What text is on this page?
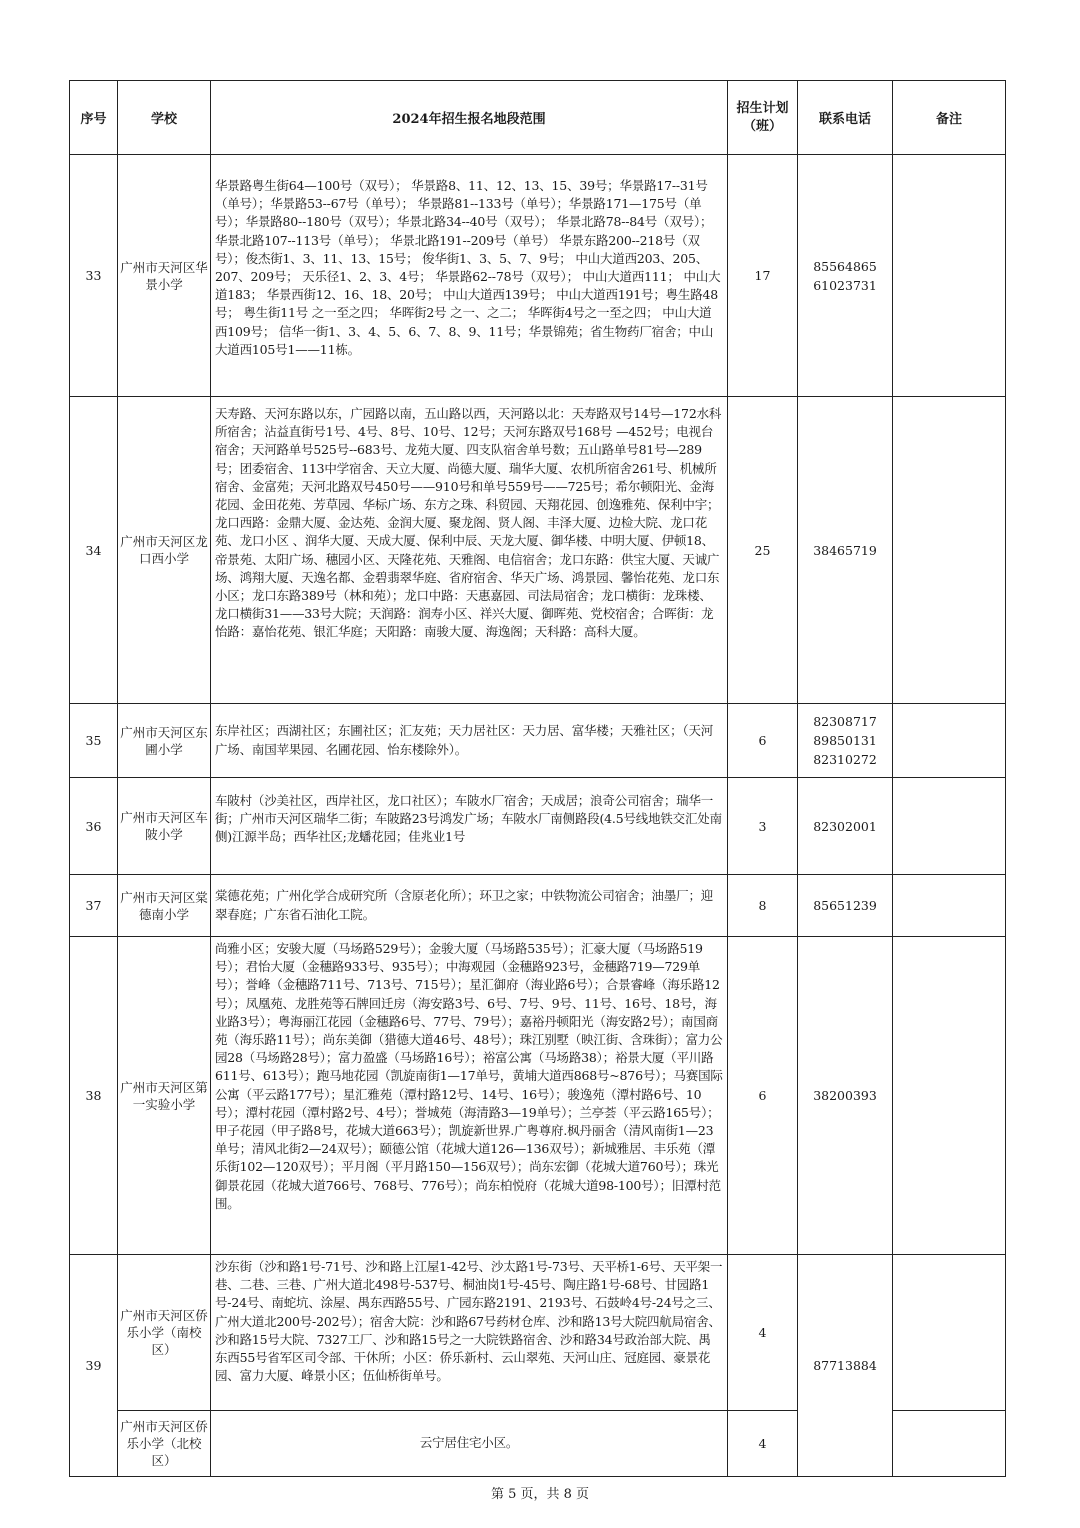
序号	学校	2024年招生报名地段范围	招生计划（班）	联系电话	备注
33	广州市天河区华景小学	华景路粤生街64—100号（双号）； 华景路8、11、12、13、15、39号；华景路17--31号（单号）；华景路53--67号（单号）； 华景路81--133号（单号）；华景路171—175号（单号）；华景路80--180号（双号）；华景北路34--40号（双号）； 华景北路78--84号（双号）； 华景北路107--113号（单号）； 华景北路191--209号（单号） 华景东路200--218号（双号）；俊杰街1、3、11、13、15号； 俊华街1、3、5、7、9号； 中山大道西203、205、207、209号； 天乐径1、2、3、4号； 华景路62--78号（双号）； 中山大道西111； 中山大道183； 华景西街12、16、18、20号； 中山大道西139号； 中山大道西191号；粤生路48号； 粤生街11号 之一至之四； 华晖街2号 之一、之二； 华晖街4号之一至之四； 中山大道西109号； 信华一街1、3、4、5、6、7、8、9、11号；华景锦苑；省生物药厂宿舍；中山大道西105号1——11栋。	17	85564865
61023731	

34	广州市天河区龙口西小学	天寿路、天河东路以东，广园路以南，五山路以西，天河路以北：天寿路双号14号—172水科所宿舍；沾益直街号1号、4号、8号、10号、12号；天河东路双号168号 —452号；电视台宿舍；天河路单号525号--683号、龙苑大厦、四支队宿舍单号数；五山路单号81号—289号；团委宿舍、113中学宿舍、天立大厦、尚德大厦、瑞华大厦、农机所宿舍261号、机械所宿舍、金富苑；天河北路双号450号——910号和单号559号——725号；希尔顿阳光、金海花园、金田花苑、芳草园、华标广场、东方之珠、科贸园、天翔花园、创逸雅苑、保利中宇；龙口西路：金鼎大厦、金达苑、金润大厦、聚龙阁、贤人阁、丰泽大厦、边检大院、龙口花苑、龙口小区 、润华大厦、天成大厦、保利中辰、天龙大厦、御华楼、中明大厦、伊顿18、帝景苑、太阳广场、穗园小区、天隆花苑、天雅阁、电信宿舍；龙口东路：供宝大厦、天诚广场、鸿翔大厦、天逸名都、金碧翡翠华庭、省府宿舍、华天广场、鸿景园、馨怡花苑、龙口东小区；龙口东路389号（林和苑）；龙口中路：天惠嘉园、司法局宿舍；龙口横街：龙珠楼、龙口横街31——33号大院；天润路：润寿小区、祥兴大厦、御晖苑、党校宿舍；合晖街：龙怡路：嘉怡花苑、银汇华庭；天阳路：南骏大厦、海逸阁；天科路：高科大厦。	25	38465719	

35	广州市天河区东圃小学	东岸社区；西湖社区；东圃社区；汇友苑；天力居社区：天力居、富华楼；天雅社区；（天河广场、南国苹果园、名圃花园、怡东楼除外）。	6	82308717
89850131
82310272	

36	广州市天河区车陂小学	车陂村（沙美社区，西岸社区，龙口社区）；车陂水厂宿舍；天成居；浪奇公司宿舍；瑞华一街；广州市天河区瑞华二街；车陂路23号鸿发广场；车陂水厂南侧路段(4.5号线地铁交汇处南侧)江源半岛；西华社区;龙蟠花园；佳兆业1号	3	82302001	

37	广州市天河区棠德南小学	棠德花苑；广州化学合成研究所（含原老化所）；环卫之家；中铁物流公司宿舍；油墨厂；迎翠春庭；广东省石油化工院。	8	85651239	

38	广州市天河区第一实验小学	尚雅小区；安骏大厦（马场路529号）；金骏大厦（马场路535号）；汇豪大厦（马场路519号）；君怡大厦（金穗路933号、935号）；中海观园（金穗路923号，金穗路719—729单号）；誉峰（金穗路711号、713号、715号）；星汇御府（海业路6号）；合景睿峰（海乐路12号）；凤凰苑、龙胜苑等石牌回迁房（海安路3号、6号、7号、9号、11号、16号、18号，海业路3号）；粤海丽江花园（金穗路6号、77号、79号）；嘉裕丹顿阳光（海安路2号）；南国商苑（海乐路11号）；尚东美御（猎德大道46号、48号）；珠江别墅（映江街、含珠街）；富力公园28（马场路28号）；富力盈盛（马场路16号）；裕富公寓（马场路38）；裕景大厦（平川路611号、613号）；跑马地花园（凯旋南街1—17单号，黄埔大道西868号~876号）；马赛国际公寓（平云路177号）；星汇雅苑（潭村路12号、14号、16号）；骏逸苑（潭村路6号、10号）；潭村花园（潭村路2号、4号）；誉城苑（海清路3—19单号）；兰亭荟（平云路165号）；甲子花园（甲子路8号，花城大道663号）；凯旋新世界.广粤尊府.枫丹丽舍（清风南街1—23单号；清风北街2—24双号）；颐德公馆（花城大道126—136双号）；新城雅居、丰乐苑（潭乐街102—120双号）；平月阁（平月路150—156双号）；尚东宏御（花城大道760号）；珠光御景花园（花城大道766号、768号、776号）；尚东柏悦府（花城大道98-100号）；旧潭村范围。	6	38200393	

39	广州市天河区侨乐小学（南校区）	沙东街（沙和路1号-71号、沙和路上江屋1-42号、沙太路1号-73号、天平桥1-6号、天平架一巷、二巷、三巷、广州大道北498号-537号、桐油岗1号-45号、陶庄路1号-68号、甘园路1号-24号、南蛇坑、涂屋、禺东西路55号、广园东路2191、2193号、石鼓岭4号-24号之三、广州大道北200号-202号）；宿舍大院：沙和路67号药材仓库、沙和路13号大院四航局宿舍、沙和路15号大院、7327工厂、沙和路15号之一大院铁路宿舍、沙和路34号政治部大院、禺东西55号省军区司令部、干休所；小区：侨乐新村、云山翠苑、天河山庄、冠庭园、豪景花园、富力大厦、峰景小区；伍仙桥街单号。	4	87713884	

	广州市天河区侨乐小学（北校区）	云宁居住宅小区。	4		
第 5 页，共 8 页
